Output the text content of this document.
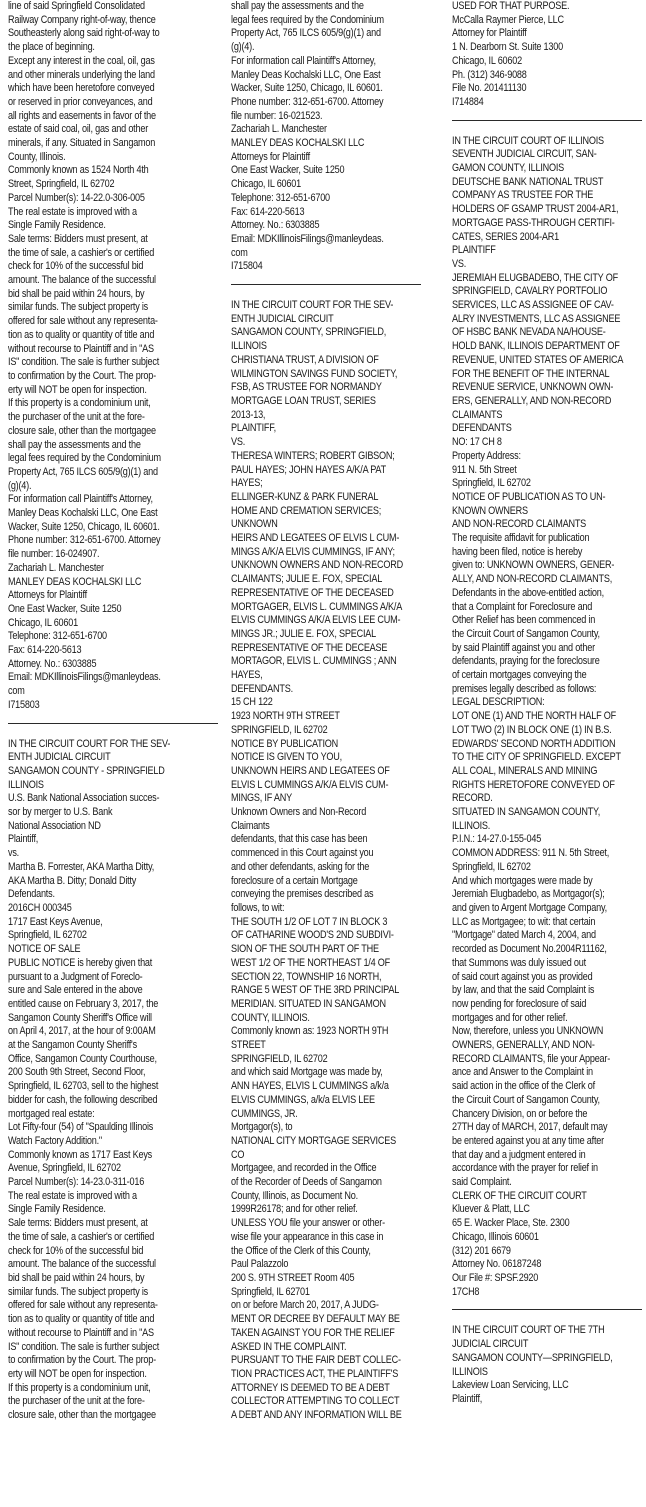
line of said Springfield Consolidated
Railway Company right-of-way, thence
Southeasterly along said right-of-way to
the place of beginning.
Except any interest in the coal, oil, gas
and other minerals underlying the land
which have been heretofore conveyed
or reserved in prior conveyances, and
all rights and easements in favor of the
estate of said coal, oil, gas and other
minerals, if any. Situated in Sangamon
County, Illinois.
Commonly known as 1524 North 4th
Street, Springfield, IL 62702
Parcel Number(s): 14-22.0-306-005
The real estate is improved with a
Single Family Residence.
Sale terms: Bidders must present, at
the time of sale, a cashier's or certified
check for 10% of the successful bid
amount. The balance of the successful
bid shall be paid within 24 hours, by
similar funds. The subject property is
offered for sale without any representa-
tion as to quality or quantity of title and
without recourse to Plaintiff and in "AS
IS" condition. The sale is further subject
to confirmation by the Court. The prop-
erty will NOT be open for inspection.
If this property is a condominium unit,
the purchaser of the unit at the fore-
closure sale, other than the mortgagee
shall pay the assessments and the
legal fees required by the Condominium
Property Act, 765 ILCS 605/9(g)(1) and
(g)(4).
For information call Plaintiff's Attorney,
Manley Deas Kochalski LLC, One East
Wacker, Suite 1250, Chicago, IL 60601.
Phone number: 312-651-6700. Attorney
file number: 16-024907.
Zachariah L. Manchester
MANLEY DEAS KOCHALSKI LLC
Attorneys for Plaintiff
One East Wacker, Suite 1250
Chicago, IL 60601
Telephone: 312-651-6700
Fax: 614-220-5613
Attorney. No.: 6303885
Email: MDKIllinoisFilings@manleydeas.
com
I715803
IN THE CIRCUIT COURT FOR THE SEV-
ENTH JUDICIAL CIRCUIT
SANGAMON COUNTY - SPRINGFIELD
ILLINOIS
U.S. Bank National Association succes-
sor by merger to U.S. Bank
National Association ND
Plaintiff,
vs.
Martha B. Forrester, AKA Martha Ditty,
AKA Martha B. Ditty; Donald Ditty
Defendants.
2016CH 000345
1717 East Keys Avenue,
Springfield, IL 62702
NOTICE OF SALE
PUBLIC NOTICE is hereby given that
pursuant to a Judgment of Foreclo-
sure and Sale entered in the above
entitled cause on February 3, 2017, the
Sangamon County Sheriff's Office will
on April 4, 2017, at the hour of 9:00AM
at the Sangamon County Sheriff's
Office, Sangamon County Courthouse,
200 South 9th Street, Second Floor,
Springfield, IL 62703, sell to the highest
bidder for cash, the following described
mortgaged real estate:
Lot Fifty-four (54) of "Spaulding Illinois
Watch Factory Addition."
Commonly known as 1717 East Keys
Avenue, Springfield, IL 62702
Parcel Number(s): 14-23.0-311-016
The real estate is improved with a
Single Family Residence.
Sale terms: Bidders must present, at
the time of sale, a cashier's or certified
check for 10% of the successful bid
amount. The balance of the successful
bid shall be paid within 24 hours, by
similar funds. The subject property is
offered for sale without any representa-
tion as to quality or quantity of title and
without recourse to Plaintiff and in "AS
IS" condition. The sale is further subject
to confirmation by the Court. The prop-
erty will NOT be open for inspection.
If this property is a condominium unit,
the purchaser of the unit at the fore-
closure sale, other than the mortgagee
shall pay the assessments and the
legal fees required by the Condominium
Property Act, 765 ILCS 605/9(g)(1) and
(g)(4).
For information call Plaintiff's Attorney,
Manley Deas Kochalski LLC, One East
Wacker, Suite 1250, Chicago, IL 60601.
Phone number: 312-651-6700. Attorney
file number: 16-021523.
Zachariah L. Manchester
MANLEY DEAS KOCHALSKI LLC
Attorneys for Plaintiff
One East Wacker, Suite 1250
Chicago, IL 60601
Telephone: 312-651-6700
Fax: 614-220-5613
Attorney. No.: 6303885
Email: MDKIllinoisFilings@manleydeas.
com
I715804
IN THE CIRCUIT COURT FOR THE SEV-
ENTH JUDICIAL CIRCUIT
SANGAMON COUNTY, SPRINGFIELD,
ILLINOIS
CHRISTIANA TRUST, A DIVISION OF
WILMINGTON SAVINGS FUND SOCIETY,
FSB, AS TRUSTEE FOR NORMANDY
MORTGAGE LOAN TRUST, SERIES
2013-13,
PLAINTIFF,
VS.
THERESA WINTERS; ROBERT GIBSON;
PAUL HAYES; JOHN HAYES A/K/A PAT
HAYES;
ELLINGER-KUNZ & PARK FUNERAL
HOME AND CREMATION SERVICES;
UNKNOWN
HEIRS AND LEGATEES OF ELVIS L CUM-
MINGS A/K/A ELVIS CUMMINGS, IF ANY;
UNKNOWN OWNERS AND NON-RECORD
CLAIMANTS; JULIE E. FOX, SPECIAL
REPRESENTATIVE OF THE DECEASED
MORTGAGER, ELVIS L. CUMMINGS A/K/A
ELVIS CUMMINGS A/K/A ELVIS LEE CUM-
MINGS JR.; JULIE E. FOX, SPECIAL
REPRESENTATIVE OF THE DECEASE
MORTAGOR, ELVIS L. CUMMINGS ; ANN
HAYES,
DEFENDANTS.
15 CH 122
1923 NORTH 9TH STREET
SPRINGFIELD, IL 62702
NOTICE BY PUBLICATION
NOTICE IS GIVEN TO YOU,
UNKNOWN HEIRS AND LEGATEES OF
ELVIS L CUMMINGS A/K/A ELVIS CUM-
MINGS, IF ANY
Unknown Owners and Non-Record
Claimants
defendants, that this case has been
commenced in this Court against you
and other defendants, asking for the
foreclosure of a certain Mortgage
conveying the premises described as
follows, to wit:
THE SOUTH 1/2 OF LOT 7 IN BLOCK 3
OF CATHARINE WOOD'S 2ND SUBDIVI-
SION OF THE SOUTH PART OF THE
WEST 1/2 OF THE NORTHEAST 1/4 OF
SECTION 22, TOWNSHIP 16 NORTH,
RANGE 5 WEST OF THE 3RD PRINCIPAL
MERIDIAN. SITUATED IN SANGAMON
COUNTY, ILLINOIS.
Commonly known as: 1923 NORTH 9TH
STREET
SPRINGFIELD, IL 62702
and which said Mortgage was made by,
ANN HAYES, ELVIS L CUMMINGS a/k/a
ELVIS CUMMINGS, a/k/a ELVIS LEE
CUMMINGS, JR.
Mortgagor(s), to
NATIONAL CITY MORTGAGE SERVICES
CO
Mortgagee, and recorded in the Office
of the Recorder of Deeds of Sangamon
County, Illinois, as Document No.
1999R26178; and for other relief.
UNLESS YOU file your answer or other-
wise file your appearance in this case in
the Office of the Clerk of this County,
Paul Palazzolo
200 S. 9TH STREET Room 405
Springfield, IL 62701
on or before March 20, 2017, A JUDG-
MENT OR DECREE BY DEFAULT MAY BE
TAKEN AGAINST YOU FOR THE RELIEF
ASKED IN THE COMPLAINT.
PURSUANT TO THE FAIR DEBT COLLEC-
TION PRACTICES ACT, THE PLAINTIFF'S
ATTORNEY IS DEEMED TO BE A DEBT
COLLECTOR ATTEMPTING TO COLLECT
A DEBT AND ANY INFORMATION WILL BE
USED FOR THAT PURPOSE.
McCalla Raymer Pierce, LLC
Attorney for Plaintiff
1 N. Dearborn St. Suite 1300
Chicago, IL 60602
Ph. (312) 346-9088
File No. 201411130
I714884
IN THE CIRCUIT COURT OF ILLINOIS
SEVENTH JUDICIAL CIRCUIT, SAN-
GAMON COUNTY, ILLINOIS
DEUTSCHE BANK NATIONAL TRUST
COMPANY AS TRUSTEE FOR THE
HOLDERS OF GSAMP TRUST 2004-AR1,
MORTGAGE PASS-THROUGH CERTIFI-
CATES, SERIES 2004-AR1
PLAINTIFF
VS.
JEREMIAH ELUGBADEBO, THE CITY OF
SPRINGFIELD, CAVALRY PORTFOLIO
SERVICES, LLC AS ASSIGNEE OF CAV-
ALRY INVESTMENTS, LLC AS ASSIGNEE
OF HSBC BANK NEVADA NA/HOUSE-
HOLD BANK, ILLINOIS DEPARTMENT OF
REVENUE, UNITED STATES OF AMERICA
FOR THE BENEFIT OF THE INTERNAL
REVENUE SERVICE, UNKNOWN OWN-
ERS, GENERALLY, AND NON-RECORD
CLAIMANTS
DEFENDANTS
NO: 17 CH 8
Property Address:
911 N. 5th Street
Springfield, IL 62702
NOTICE OF PUBLICATION AS TO UN-
KNOWN OWNERS
AND NON-RECORD CLAIMANTS
The requisite affidavit for publication
having been filed, notice is hereby
given to: UNKNOWN OWNERS, GENER-
ALLY, AND NON-RECORD CLAIMANTS,
Defendants in the above-entitled action,
that a Complaint for Foreclosure and
Other Relief has been commenced in
the Circuit Court of Sangamon County,
by said Plaintiff against you and other
defendants, praying for the foreclosure
of certain mortgages conveying the
premises legally described as follows:
LEGAL DESCRIPTION:
LOT ONE (1) AND THE NORTH HALF OF
LOT TWO (2) IN BLOCK ONE (1) IN B.S.
EDWARDS' SECOND NORTH ADDITION
TO THE CITY OF SPRINGFIELD. EXCEPT
ALL COAL, MINERALS AND MINING
RIGHTS HERETOFORE CONVEYED OF
RECORD.
SITUATED IN SANGAMON COUNTY,
ILLINOIS.
P.I.N.: 14-27.0-155-045
COMMON ADDRESS: 911 N. 5th Street,
Springfield, IL 62702
And which mortgages were made by
Jeremiah Elugbadebo, as Mortgagor(s);
and given to Argent Mortgage Company,
LLC as Mortgagee; to wit: that certain
"Mortgage" dated March 4, 2004, and
recorded as Document No.2004R11162,
that Summons was duly issued out
of said court against you as provided
by law, and that the said Complaint is
now pending for foreclosure of said
mortgages and for other relief.
Now, therefore, unless you UNKNOWN
OWNERS, GENERALLY, AND NON-
RECORD CLAIMANTS, file your Appear-
ance and Answer to the Complaint in
said action in the office of the Clerk of
the Circuit Court of Sangamon County,
Chancery Division, on or before the
27TH day of MARCH, 2017, default may
be entered against you at any time after
that day and a judgment entered in
accordance with the prayer for relief in
said Complaint.
CLERK OF THE CIRCUIT COURT
Kluever & Platt, LLC
65 E. Wacker Place, Ste. 2300
Chicago, Illinois 60601
(312) 201 6679
Attorney No. 06187248
Our File #: SPSF.2920
17CH8
IN THE CIRCUIT COURT OF THE 7TH
JUDICIAL CIRCUIT
SANGAMON COUNTY—SPRINGFIELD,
ILLINOIS
Lakeview Loan Servicing, LLC
Plaintiff,
